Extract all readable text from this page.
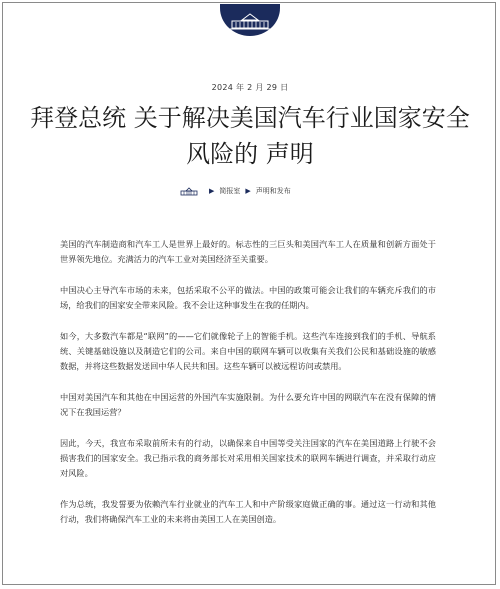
2024 年 2 月 29 日
拜登总统 关于解决美国汽车行业国家安全
风险的 声明
▶ 简报室 ▶ 声明和发布

美国的汽车制造商和汽车工人是世界上最好的。标志性的三巨头和美国汽车工人在质量和创新方面处于世界领先地位。充满活力的汽车工业对美国经济至关重要。

中国决心主导汽车市场的未来，包括采取不公平的做法。中国的政策可能会让我们的车辆充斥我们的市场，给我们的国家安全带来风险。我不会让这种事发生在我的任期内。

如今，大多数汽车都是“联网”的——它们就像轮子上的智能手机。这些汽车连接到我们的手机、导航系统、关键基础设施以及制造它们的公司。来自中国的联网车辆可以收集有关我们公民和基础设施的敏感数据，并将这些数据发送回中华人民共和国。这些车辆可以被远程访问或禁用。

中国对美国汽车和其他在中国运营的外国汽车实施限制。为什么要允许中国的网联汽车在没有保障的情况下在我国运营？

因此，今天，我宣布采取前所未有的行动，以确保来自中国等受关注国家的汽车在美国道路上行驶不会损害我们的国家安全。我已指示我的商务部长对采用相关国家技术的联网车辆进行调查，并采取行动应对风险。

作为总统，我发誓要为依赖汽车行业就业的汽车工人和中产阶级家庭做正确的事。通过这一行动和其他行动，我们将确保汽车工业的未来将由美国工人在美国创造。
